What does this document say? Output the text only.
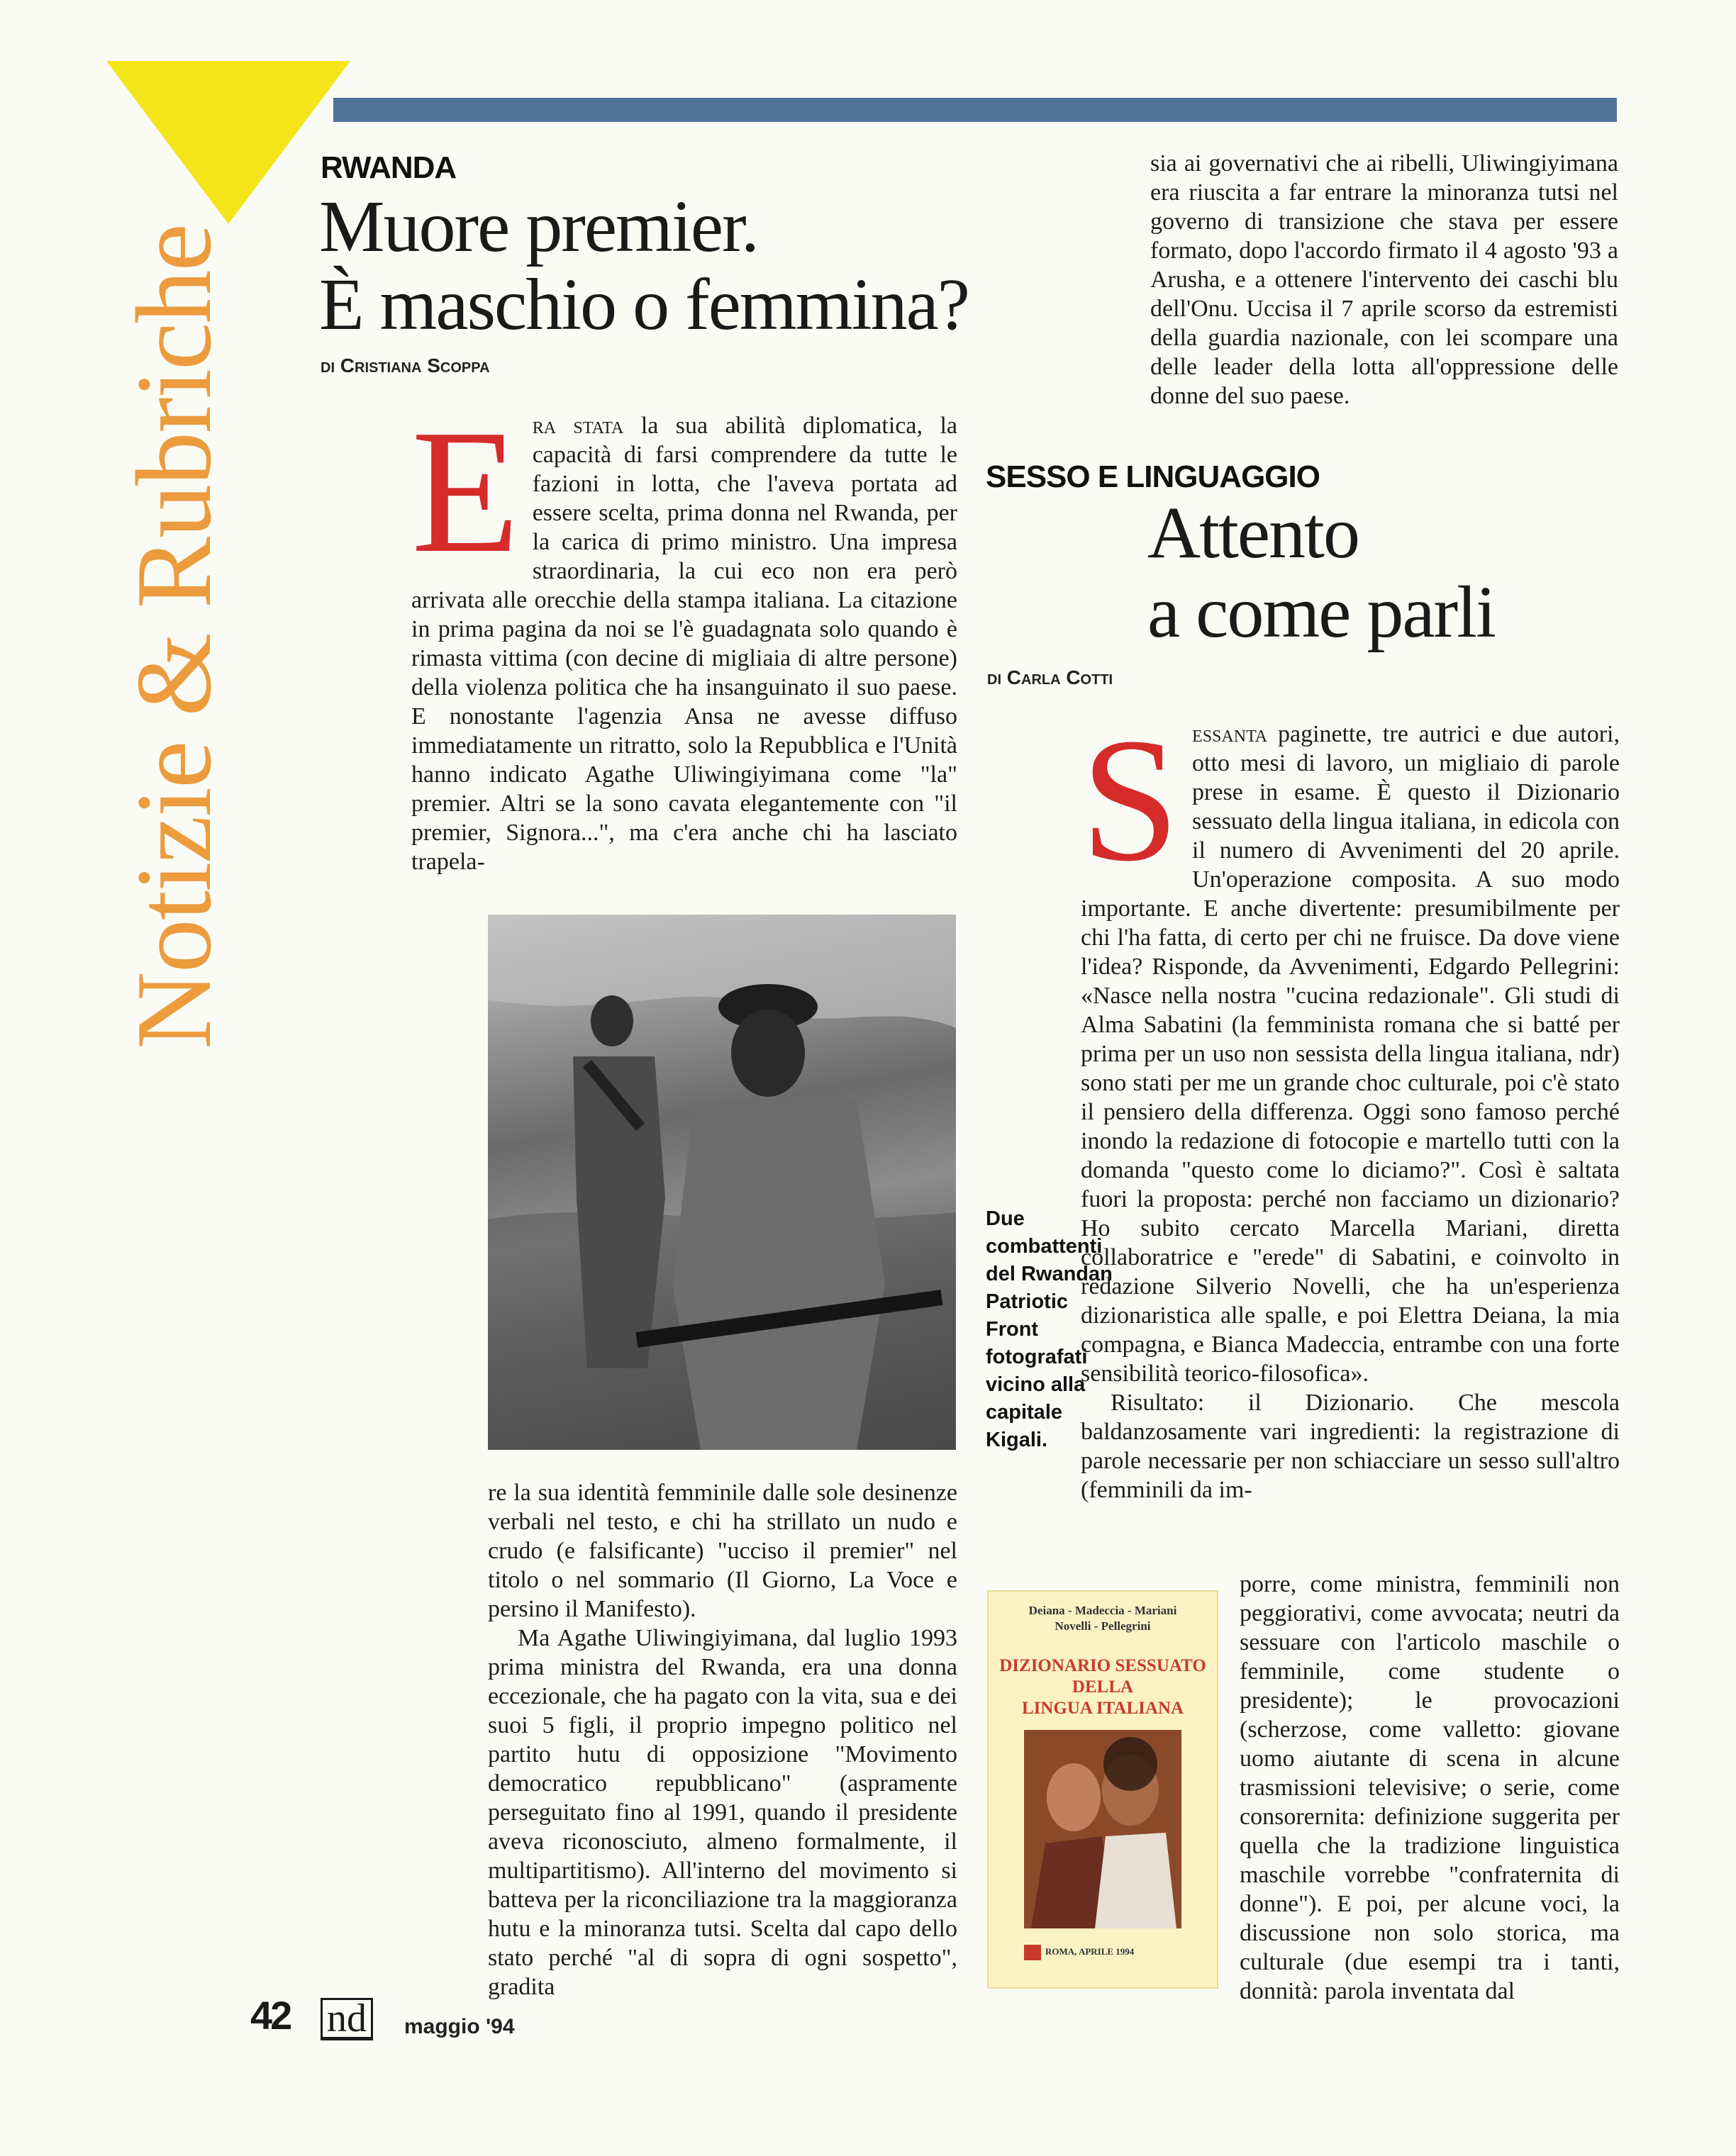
Notizie & Rubriche
RWANDA
Muore premier.
È maschio o femmina?
di Cristiana Scoppa
E ra stata la sua abilità diplomatica, la capacità di farsi comprendere da tutte le fazioni in lotta, che l'aveva portata ad essere scelta, prima donna nel Rwanda, per la carica di primo ministro. Una impresa straordinaria, la cui eco non era però arrivata alle orecchie della stampa italiana. La citazione in prima pagina da noi se l'è guadagnata solo quando è rimasta vittima (con decine di migliaia di altre persone) della violenza politica che ha insanguinato il suo paese. E nonostante l'agenzia Ansa ne avesse diffuso immediatamente un ritratto, solo la Repubblica e l'Unità hanno indicato Agathe Uliwingiyimana come "la" premier. Altri se la sono cavata elegantemente con "il premier, Signora...", ma c'era anche chi ha lasciato trapela-
Due combattenti del Rwandan Patriotic Front fotografati vicino alla capitale Kigali.

re la sua identità femminile dalle sole desinenze verbali nel testo, e chi ha strillato un nudo e crudo (e falsificante) "ucciso il premier" nel titolo o nel sommario (Il Giorno, La Voce e persino il Manifesto).

Ma Agathe Uliwingiyimana, dal luglio 1993 prima ministra del Rwanda, era una donna eccezionale, che ha pagato con la vita, sua e dei suoi 5 figli, il proprio impegno politico nel partito hutu di opposizione "Movimento democratico repubblicano" (aspramente perseguitato fino al 1991, quando il presidente aveva riconosciuto, almeno formalmente, il multipartitismo). All'interno del movimento si batteva per la riconciliazione tra la maggioranza hutu e la minoranza tutsi. Scelta dal capo dello stato perché "al di sopra di ogni sospetto", gradita

sia ai governativi che ai ribelli, Uliwingiyimana era riuscita a far entrare la minoranza tutsi nel governo di transizione che stava per essere formato, dopo l'accordo firmato il 4 agosto '93 a Arusha, e a ottenere l'intervento dei caschi blu dell'Onu. Uccisa il 7 aprile scorso da estremisti della guardia nazionale, con lei scompare una delle leader della lotta all'oppressione delle donne del suo paese.
SESSO E LINGUAGGIO
Attento
a come parli
di Carla Cotti
S essanta paginette, tre autrici e due autori, otto mesi di lavoro, un migliaio di parole prese in esame. È questo il Dizionario sessuato della lingua italiana, in edicola con il numero di Avvenimenti del 20 aprile. Un'operazione composita. A suo modo importante. E anche divertente: presumibilmente per chi l'ha fatta, di certo per chi ne fruisce. Da dove viene l'idea? Risponde, da Avvenimenti, Edgardo Pellegrini: «Nasce nella nostra "cucina redazionale". Gli studi di Alma Sabatini (la femminista romana che si batté per prima per un uso non sessista della lingua italiana, ndr) sono stati per me un grande choc culturale, poi c'è stato il pensiero della differenza. Oggi sono famoso perché inondo la redazione di fotocopie e martello tutti con la domanda "questo come lo diciamo?". Così è saltata fuori la proposta: perché non facciamo un dizionario? Ho subito cercato Marcella Mariani, diretta collaboratrice e "erede" di Sabatini, e coinvolto in redazione Silverio Novelli, che ha un'esperienza dizionaristica alle spalle, e poi Elettra Deiana, la mia compagna, e Bianca Madeccia, entrambe con una forte sensibilità teorico-filosofica».

Risultato: il Dizionario. Che mescola baldanzosamente vari ingredienti: la registrazione di parole necessarie per non schiacciare un sesso sull'altro (femminili da im-

porre, come ministra, femminili non peggiorativi, come avvocata; neutri da sessuare con l'articolo maschile o femminile, come studente o presidente); le provocazioni (scherzose, come valletto: giovane uomo aiutante di scena in alcune trasmissioni televisive; o serie, come consorernita: definizione suggerita per quella che la tradizione linguistica maschile vorrebbe "confraternita di donne"). E poi, per alcune voci, la discussione non solo storica, ma culturale (due esempi tra i tanti, donnità: parola inventata dal
Deiana - Madeccia - Mariani
Novelli - Pellegrini
DIZIONARIO SESSUATO
DELLA
LINGUA ITALIANA
ROMA, APRILE 1994
42 nd	maggio '94
